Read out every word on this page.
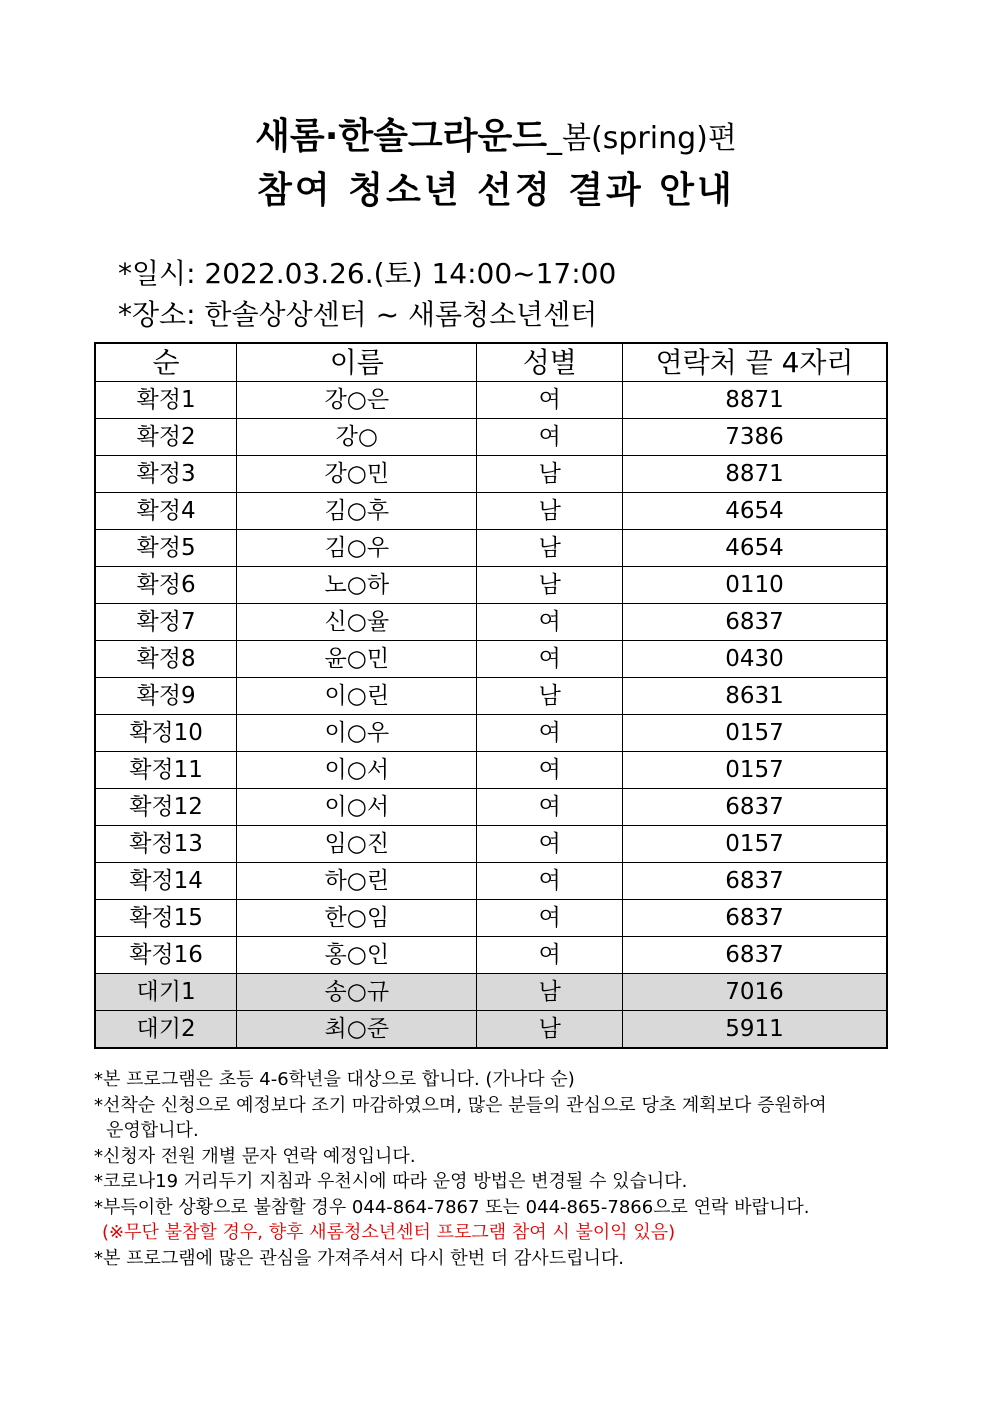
새롬·한솔그라운드_봄(spring)편
참여 청소년 선정 결과 안내
*일시: 2022.03.26.(토) 14:00~17:00
*장소: 한솔상상센터 ~ 새롬청소년센터
순	이름	성별	연락처 끝 4자리
확정1	강○은	여	8871
확정2	강○	여	7386
확정3	강○민	남	8871
확정4	김○후	남	4654
확정5	김○우	남	4654
확정6	노○하	남	0110
확정7	신○율	여	6837
확정8	윤○민	여	0430
확정9	이○린	남	8631
확정10	이○우	여	0157
확정11	이○서	여	0157
확정12	이○서	여	6837
확정13	임○진	여	0157
확정14	하○린	여	6837
확정15	한○임	여	6837
확정16	홍○인	여	6837
대기1	송○규	남	7016
대기2	최○준	남	5911

*본 프로그램은 초등 4-6학년을 대상으로 합니다. (가나다 순)

*선착순 신청으로 예정보다 조기 마감하였으며, 많은 분들의 관심으로 당초 계획보다 증원하여

운영합니다.

*신청자 전원 개별 문자 연락 예정입니다.

*코로나19 거리두기 지침과 우천시에 따라 운영 방법은 변경될 수 있습니다.

*부득이한 상황으로 불참할 경우 044-864-7867 또는 044-865-7866으로 연락 바랍니다.

(※무단 불참할 경우, 향후 새롬청소년센터 프로그램 참여 시 불이익 있음)

*본 프로그램에 많은 관심을 가져주셔서 다시 한번 더 감사드립니다.
